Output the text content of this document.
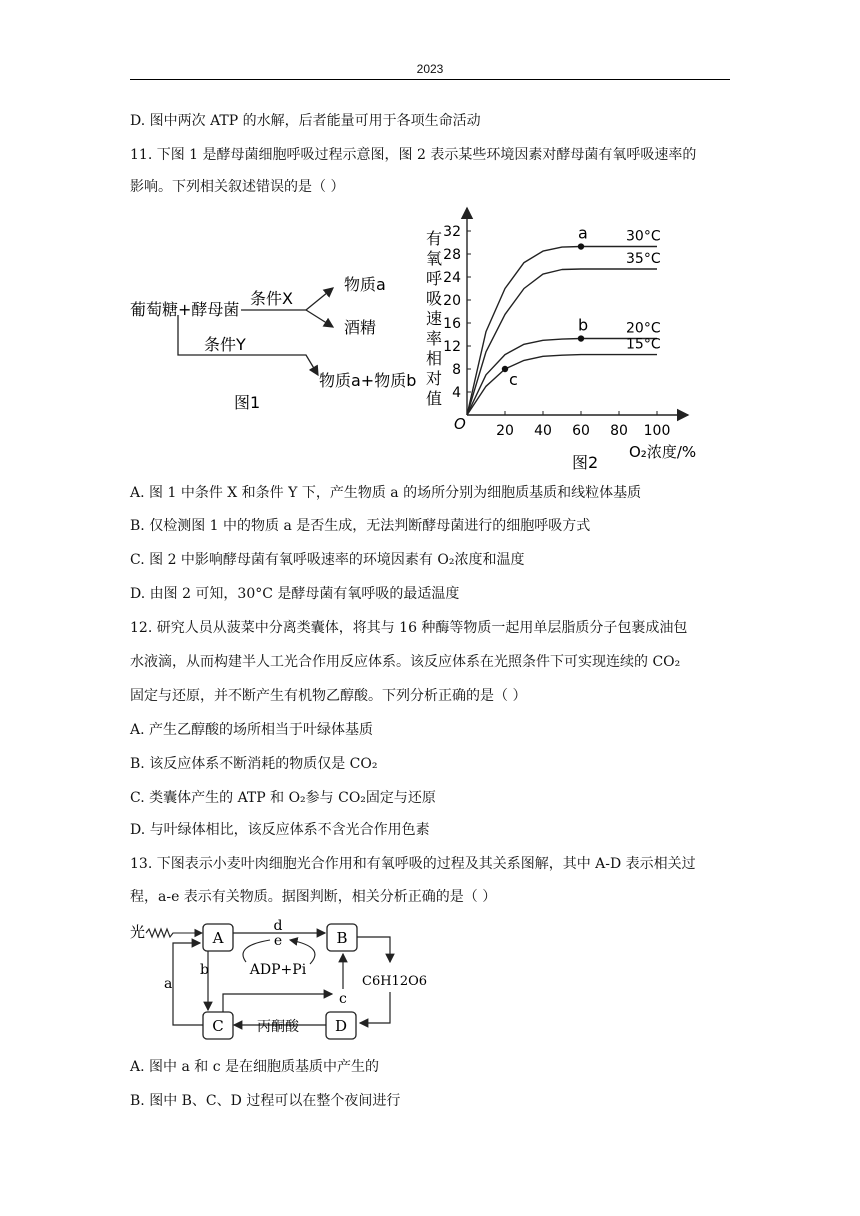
2023
D. 图中两次 ATP 的水解，后者能量可用于各项生命活动
11. 下图 1 是酵母菌细胞呼吸过程示意图，图 2 表示某些环境因素对酵母菌有氧呼吸速率的
影响。下列相关叙述错误的是（ ）
葡萄糖+酵母菌
条件X
物质a
酒精
条件Y
物质a+物质b
图1
有
氧
呼
吸
速
率
相
对
值
O
4
8
12
16
20
24
28
32
20 40 60 80 100
30°C
35°C
20°C
15°C
a
b
c
O₂浓度/%
图2
A. 图 1 中条件 X 和条件 Y 下，产生物质 a 的场所分别为细胞质基质和线粒体基质
B. 仅检测图 1 中的物质 a 是否生成，无法判断酵母菌进行的细胞呼吸方式
C. 图 2 中影响酵母菌有氧呼吸速率的环境因素有 O₂浓度和温度
D. 由图 2 可知，30°C 是酵母菌有氧呼吸的最适温度
12. 研究人员从菠菜中分离类囊体，将其与 16 种酶等物质一起用单层脂质分子包裹成油包
水液滴，从而构建半人工光合作用反应体系。该反应体系在光照条件下可实现连续的 CO₂
固定与还原，并不断产生有机物乙醇酸。下列分析正确的是（ ）
A. 产生乙醇酸的场所相当于叶绿体基质
B. 该反应体系不断消耗的物质仅是 CO₂
C. 类囊体产生的 ATP 和 O₂参与 CO₂固定与还原
D. 与叶绿体相比，该反应体系不含光合作用色素
13. 下图表示小麦叶肉细胞光合作用和有氧呼吸的过程及其关系图解，其中 A-D 表示相关过
程，a-e 表示有关物质。据图判断，相关分析正确的是（ ）
光	A	B
d
e
ADP+Pi
C6H12O6
D
丙酮酸
C
b
a
c
A. 图中 a 和 c 是在细胞质基质中产生的
B. 图中 B、C、D 过程可以在整个夜间进行
